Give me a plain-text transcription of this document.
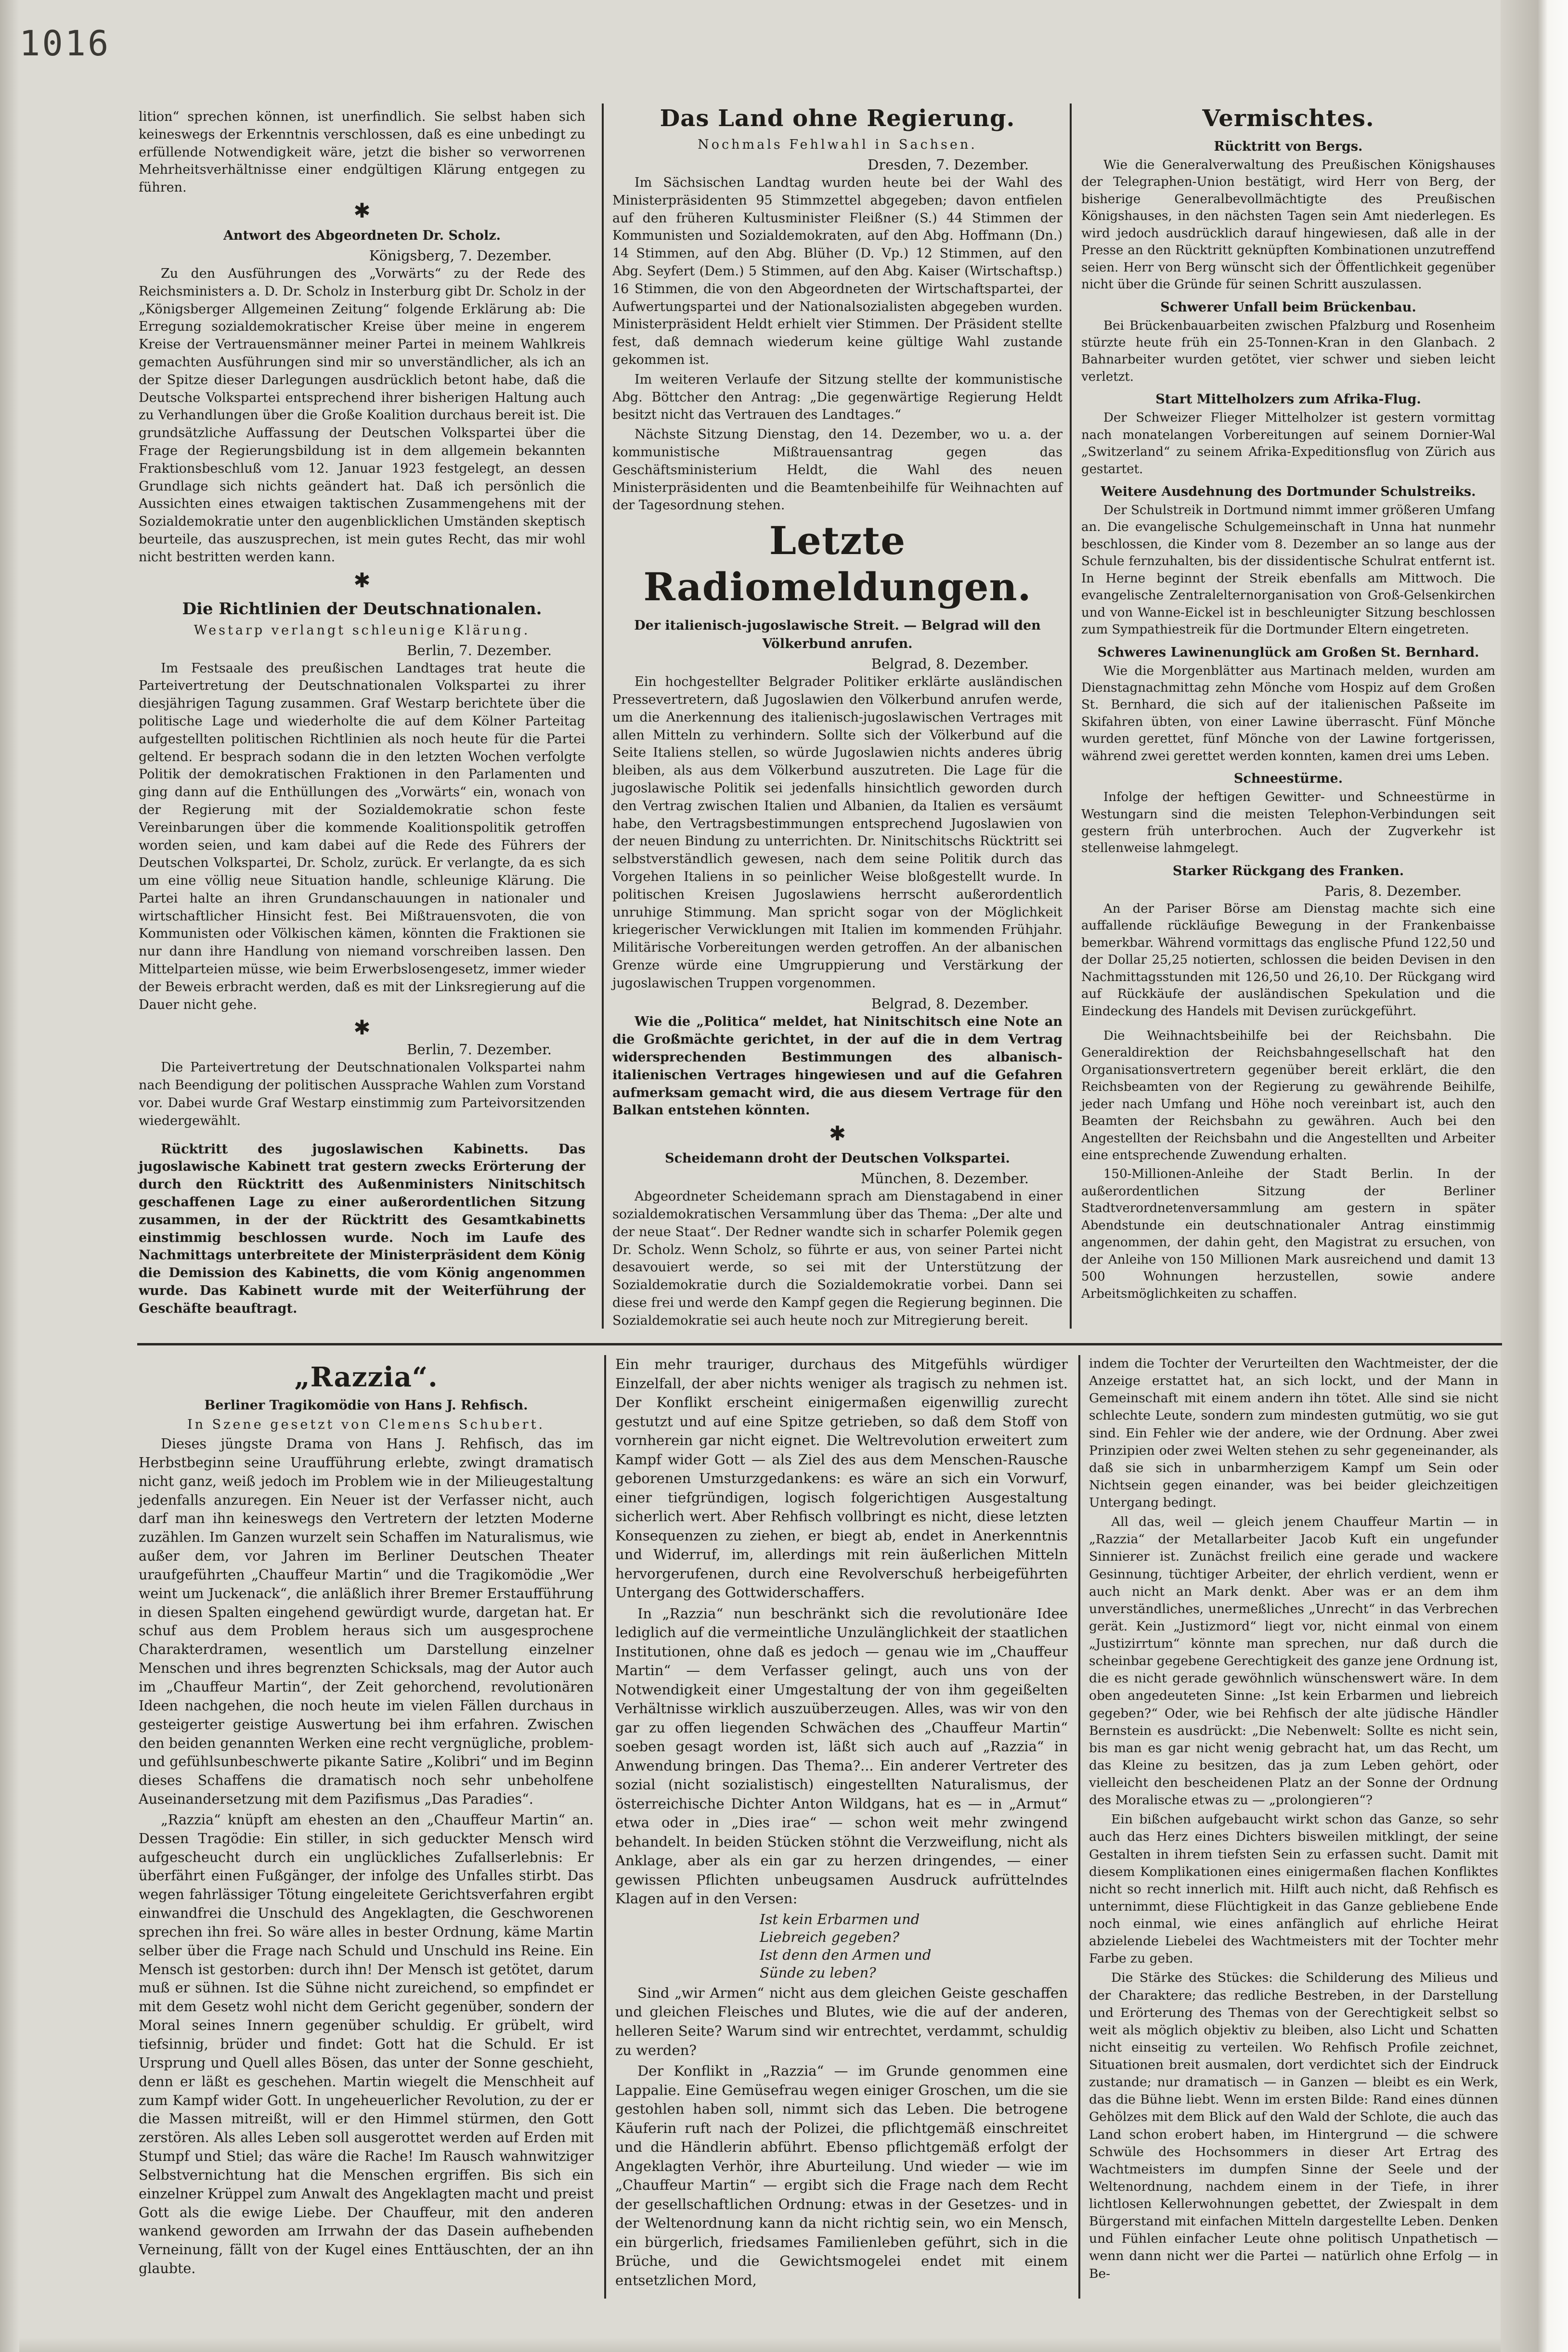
1016

lition“ sprechen können, ist unerfindlich. Sie selbst haben sich keineswegs der Erkenntnis verschlossen, daß es eine unbedingt zu erfüllende Notwendigkeit wäre, jetzt die bisher so verworrenen Mehrheitsverhältnisse einer endgültigen Klärung entgegen zu führen.

✱
Antwort des Abgeordneten Dr. Scholz.
Königsberg, 7. Dezember.

Zu den Ausführungen des „Vorwärts“ zu der Rede des Reichsministers a. D. Dr. Scholz in Insterburg gibt Dr. Scholz in der „Königsberger Allgemeinen Zeitung“ folgende Erklärung ab: Die Erregung sozialdemokratischer Kreise über meine in engerem Kreise der Vertrauensmänner meiner Partei in meinem Wahlkreis gemachten Ausführungen sind mir so unverständlicher, als ich an der Spitze dieser Darlegungen ausdrücklich betont habe, daß die Deutsche Volkspartei entsprechend ihrer bisherigen Haltung auch zu Verhandlungen über die Große Koalition durchaus bereit ist. Die grundsätzliche Auffassung der Deutschen Volkspartei über die Frage der Regierungsbildung ist in dem allgemein bekannten Fraktionsbeschluß vom 12. Januar 1923 festgelegt, an dessen Grundlage sich nichts geändert hat. Daß ich persönlich die Aussichten eines etwaigen taktischen Zusammengehens mit der Sozialdemokratie unter den augenblicklichen Umständen skeptisch beurteile, das auszusprechen, ist mein gutes Recht, das mir wohl nicht bestritten werden kann.

✱
Die Richtlinien der Deutschnationalen.
Westarp verlangt schleunige Klärung.
Berlin, 7. Dezember.

Im Festsaale des preußischen Landtages trat heute die Parteivertretung der Deutschnationalen Volkspartei zu ihrer diesjährigen Tagung zusammen. Graf Westarp berichtete über die politische Lage und wiederholte die auf dem Kölner Parteitag aufgestellten politischen Richtlinien als noch heute für die Partei geltend. Er besprach sodann die in den letzten Wochen verfolgte Politik der demokratischen Fraktionen in den Parlamenten und ging dann auf die Enthüllungen des „Vorwärts“ ein, wonach von der Regierung mit der Sozialdemokratie schon feste Vereinbarungen über die kommende Koalitionspolitik getroffen worden seien, und kam dabei auf die Rede des Führers der Deutschen Volkspartei, Dr. Scholz, zurück. Er verlangte, da es sich um eine völlig neue Situation handle, schleunige Klärung. Die Partei halte an ihren Grundanschauungen in nationaler und wirtschaftlicher Hinsicht fest. Bei Mißtrauensvoten, die von Kommunisten oder Völkischen kämen, könnten die Fraktionen sie nur dann ihre Handlung von niemand vorschreiben lassen. Den Mittelparteien müsse, wie beim Erwerbslosengesetz, immer wieder der Beweis erbracht werden, daß es mit der Linksregierung auf die Dauer nicht gehe.

✱
Berlin, 7. Dezember.

Die Parteivertretung der Deutschnationalen Volkspartei nahm nach Beendigung der politischen Aussprache Wahlen zum Vorstand vor. Dabei wurde Graf Westarp einstimmig zum Parteivorsitzenden wiedergewählt.

Rücktritt des jugoslawischen Kabinetts. Das jugoslawische Kabinett trat gestern zwecks Erörterung der durch den Rücktritt des Außenministers Ninitschitsch geschaffenen Lage zu einer außerordentlichen Sitzung zusammen, in der der Rücktritt des Gesamtkabinetts einstimmig beschlossen wurde. Noch im Laufe des Nachmittags unterbreitete der Ministerpräsident dem König die Demission des Kabinetts, die vom König angenommen wurde. Das Kabinett wurde mit der Weiterführung der Geschäfte beauftragt.

Das Land ohne Regierung.
Nochmals Fehlwahl in Sachsen.
Dresden, 7. Dezember.

Im Sächsischen Landtag wurden heute bei der Wahl des Ministerpräsidenten 95 Stimmzettel abgegeben; davon entfielen auf den früheren Kultusminister Fleißner (S.) 44 Stimmen der Kommunisten und Sozialdemokraten, auf den Abg. Hoffmann (Dn.) 14 Stimmen, auf den Abg. Blüher (D. Vp.) 12 Stimmen, auf den Abg. Seyfert (Dem.) 5 Stimmen, auf den Abg. Kaiser (Wirtschaftsp.) 16 Stimmen, die von den Abgeordneten der Wirtschaftspartei, der Aufwertungspartei und der Nationalsozialisten abgegeben wurden. Ministerpräsident Heldt erhielt vier Stimmen. Der Präsident stellte fest, daß demnach wiederum keine gültige Wahl zustande gekommen ist.

Im weiteren Verlaufe der Sitzung stellte der kommunistische Abg. Böttcher den Antrag: „Die gegenwärtige Regierung Heldt besitzt nicht das Vertrauen des Landtages.“

Nächste Sitzung Dienstag, den 14. Dezember, wo u. a. der kommunistische Mißtrauensantrag gegen das Geschäftsministerium Heldt, die Wahl des neuen Ministerpräsidenten und die Beamtenbeihilfe für Weihnachten auf der Tagesordnung stehen.

Letzte Radiomeldungen.
Der italienisch-jugoslawische Streit. — Belgrad will den Völkerbund anrufen.
Belgrad, 8. Dezember.

Ein hochgestellter Belgrader Politiker erklärte ausländischen Pressevertretern, daß Jugoslawien den Völkerbund anrufen werde, um die Anerkennung des italienisch-jugoslawischen Vertrages mit allen Mitteln zu verhindern. Sollte sich der Völkerbund auf die Seite Italiens stellen, so würde Jugoslawien nichts anderes übrig bleiben, als aus dem Völkerbund auszutreten. Die Lage für die jugoslawische Politik sei jedenfalls hinsichtlich geworden durch den Vertrag zwischen Italien und Albanien, da Italien es versäumt habe, den Vertragsbestimmungen entsprechend Jugoslawien von der neuen Bindung zu unterrichten. Dr. Ninitschitschs Rücktritt sei selbstverständlich gewesen, nach dem seine Politik durch das Vorgehen Italiens in so peinlicher Weise bloßgestellt wurde. In politischen Kreisen Jugoslawiens herrscht außerordentlich unruhige Stimmung. Man spricht sogar von der Möglichkeit kriegerischer Verwicklungen mit Italien im kommenden Frühjahr. Militärische Vorbereitungen werden getroffen. An der albanischen Grenze würde eine Umgruppierung und Verstärkung der jugoslawischen Truppen vorgenommen.

Belgrad, 8. Dezember.

Wie die „Politica“ meldet, hat Ninitschitsch eine Note an die Großmächte gerichtet, in der auf die in dem Vertrag widersprechenden Bestimmungen des albanisch-italienischen Vertrages hingewiesen und auf die Gefahren aufmerksam gemacht wird, die aus diesem Vertrage für den Balkan entstehen könnten.

✱
Scheidemann droht der Deutschen Volkspartei.
München, 8. Dezember.

Abgeordneter Scheidemann sprach am Dienstagabend in einer sozialdemokratischen Versammlung über das Thema: „Der alte und der neue Staat“. Der Redner wandte sich in scharfer Polemik gegen Dr. Scholz. Wenn Scholz, so führte er aus, von seiner Partei nicht desavouiert werde, so sei mit der Unterstützung der Sozialdemokratie durch die Sozialdemokratie vorbei. Dann sei diese frei und werde den Kampf gegen die Regierung beginnen. Die Sozialdemokratie sei auch heute noch zur Mitregierung bereit.

Vermischtes.
Rücktritt von Bergs.

Wie die Generalverwaltung des Preußischen Königshauses der Telegraphen-Union bestätigt, wird Herr von Berg, der bisherige Generalbevollmächtigte des Preußischen Königshauses, in den nächsten Tagen sein Amt niederlegen. Es wird jedoch ausdrücklich darauf hingewiesen, daß alle in der Presse an den Rücktritt geknüpften Kombinationen unzutreffend seien. Herr von Berg wünscht sich der Öffentlichkeit gegenüber nicht über die Gründe für seinen Schritt auszulassen.

Schwerer Unfall beim Brückenbau.

Bei Brückenbauarbeiten zwischen Pfalzburg und Rosenheim stürzte heute früh ein 25-Tonnen-Kran in den Glanbach. 2 Bahnarbeiter wurden getötet, vier schwer und sieben leicht verletzt.

Start Mittelholzers zum Afrika-Flug.

Der Schweizer Flieger Mittelholzer ist gestern vormittag nach monatelangen Vorbereitungen auf seinem Dornier-Wal „Switzerland“ zu seinem Afrika-Expeditionsflug von Zürich aus gestartet.

Weitere Ausdehnung des Dortmunder Schulstreiks.

Der Schulstreik in Dortmund nimmt immer größeren Umfang an. Die evangelische Schulgemeinschaft in Unna hat nunmehr beschlossen, die Kinder vom 8. Dezember an so lange aus der Schule fernzuhalten, bis der dissidentische Schulrat entfernt ist. In Herne beginnt der Streik ebenfalls am Mittwoch. Die evangelische Zentralelternorganisation von Groß-Gelsenkirchen und von Wanne-Eickel ist in beschleunigter Sitzung beschlossen zum Sympathiestreik für die Dortmunder Eltern eingetreten.

Schweres Lawinenunglück am Großen St. Bernhard.

Wie die Morgenblätter aus Martinach melden, wurden am Dienstagnachmittag zehn Mönche vom Hospiz auf dem Großen St. Bernhard, die sich auf der italienischen Paßseite im Skifahren übten, von einer Lawine überrascht. Fünf Mönche wurden gerettet, fünf Mönche von der Lawine fortgerissen, während zwei gerettet werden konnten, kamen drei ums Leben.

Schneestürme.

Infolge der heftigen Gewitter- und Schneestürme in Westungarn sind die meisten Telephon-Verbindungen seit gestern früh unterbrochen. Auch der Zugverkehr ist stellenweise lahmgelegt.

Starker Rückgang des Franken.
Paris, 8. Dezember.

An der Pariser Börse am Dienstag machte sich eine auffallende rückläufige Bewegung in der Frankenbaisse bemerkbar. Während vormittags das englische Pfund 122,50 und der Dollar 25,25 notierten, schlossen die beiden Devisen in den Nachmittagsstunden mit 126,50 und 26,10. Der Rückgang wird auf Rückkäufe der ausländischen Spekulation und die Eindeckung des Handels mit Devisen zurückgeführt.

Die Weihnachtsbeihilfe bei der Reichsbahn. Die Generaldirektion der Reichsbahngesellschaft hat den Organisationsvertretern gegenüber bereit erklärt, die den Reichsbeamten von der Regierung zu gewährende Beihilfe, jeder nach Umfang und Höhe noch vereinbart ist, auch den Beamten der Reichsbahn zu gewähren. Auch bei den Angestellten der Reichsbahn und die Angestellten und Arbeiter eine entsprechende Zuwendung erhalten.

150-Millionen-Anleihe der Stadt Berlin. In der außerordentlichen Sitzung der Berliner Stadtverordnetenversammlung am gestern in später Abendstunde ein deutschnationaler Antrag einstimmig angenommen, der dahin geht, den Magistrat zu ersuchen, von der Anleihe von 150 Millionen Mark ausreichend und damit 13 500 Wohnungen herzustellen, sowie andere Arbeitsmöglichkeiten zu schaffen.

„Razzia“.
Berliner Tragikomödie von Hans J. Rehfisch.
In Szene gesetzt von Clemens Schubert.

Dieses jüngste Drama von Hans J. Rehfisch, das im Herbstbeginn seine Uraufführung erlebte, zwingt dramatisch nicht ganz, weiß jedoch im Problem wie in der Milieugestaltung jedenfalls anzuregen. Ein Neuer ist der Verfasser nicht, auch darf man ihn keineswegs den Vertretern der letzten Moderne zuzählen. Im Ganzen wurzelt sein Schaffen im Naturalismus, wie außer dem, vor Jahren im Berliner Deutschen Theater uraufgeführten „Chauffeur Martin“ und die Tragikomödie „Wer weint um Juckenack“, die anläßlich ihrer Bremer Erstaufführung in diesen Spalten eingehend gewürdigt wurde, dargetan hat. Er schuf aus dem Problem heraus sich um ausgesprochene Charakterdramen, wesentlich um Darstellung einzelner Menschen und ihres begrenzten Schicksals, mag der Autor auch im „Chauffeur Martin“, der Zeit gehorchend, revolutionären Ideen nachgehen, die noch heute im vielen Fällen durchaus in gesteigerter geistige Auswertung bei ihm erfahren. Zwischen den beiden genannten Werken eine recht vergnügliche, problem- und gefühlsunbeschwerte pikante Satire „Kolibri“ und im Beginn dieses Schaffens die dramatisch noch sehr unbeholfene Auseinandersetzung mit dem Pazifismus „Das Paradies“.

„Razzia“ knüpft am ehesten an den „Chauffeur Martin“ an. Dessen Tragödie: Ein stiller, in sich geduckter Mensch wird aufgescheucht durch ein unglückliches Zufallserlebnis: Er überfährt einen Fußgänger, der infolge des Unfalles stirbt. Das wegen fahrlässiger Tötung eingeleitete Gerichtsverfahren ergibt einwandfrei die Unschuld des Angeklagten, die Geschworenen sprechen ihn frei. So wäre alles in bester Ordnung, käme Martin selber über die Frage nach Schuld und Unschuld ins Reine. Ein Mensch ist gestorben: durch ihn! Der Mensch ist getötet, darum muß er sühnen. Ist die Sühne nicht zureichend, so empfindet er mit dem Gesetz wohl nicht dem Gericht gegenüber, sondern der Moral seines Innern gegenüber schuldig. Er grübelt, wird tiefsinnig, brüder und findet: Gott hat die Schuld. Er ist Ursprung und Quell alles Bösen, das unter der Sonne geschieht, denn er läßt es geschehen. Martin wiegelt die Menschheit auf zum Kampf wider Gott. In ungeheuerlicher Revolution, zu der er die Massen mitreißt, will er den Himmel stürmen, den Gott zerstören. Als alles Leben soll ausgerottet werden auf Erden mit Stumpf und Stiel; das wäre die Rache! Im Rausch wahnwitziger Selbstvernichtung hat die Menschen ergriffen. Bis sich ein einzelner Krüppel zum Anwalt des Angeklagten macht und preist Gott als die ewige Liebe. Der Chauffeur, mit den anderen wankend geworden am Irrwahn der das Dasein aufhebenden Verneinung, fällt von der Kugel eines Enttäuschten, der an ihn glaubte.

Ein mehr trauriger, durchaus des Mitgefühls würdiger Einzelfall, der aber nichts weniger als tragisch zu nehmen ist. Der Konflikt erscheint einigermaßen eigenwillig zurecht gestutzt und auf eine Spitze getrieben, so daß dem Stoff von vornherein gar nicht eignet. Die Weltrevolution erweitert zum Kampf wider Gott — als Ziel des aus dem Menschen-Rausche geborenen Umsturzgedankens: es wäre an sich ein Vorwurf, einer tiefgründigen, logisch folgerichtigen Ausgestaltung sicherlich wert. Aber Rehfisch vollbringt es nicht, diese letzten Konsequenzen zu ziehen, er biegt ab, endet in Anerkenntnis und Widerruf, im, allerdings mit rein äußerlichen Mitteln hervorgerufenen, durch eine Revolverschuß herbeigeführten Untergang des Gottwiderschaffers.

In „Razzia“ nun beschränkt sich die revolutionäre Idee lediglich auf die vermeintliche Unzulänglichkeit der staatlichen Institutionen, ohne daß es jedoch — genau wie im „Chauffeur Martin“ — dem Verfasser gelingt, auch uns von der Notwendigkeit einer Umgestaltung der von ihm gegeißelten Verhältnisse wirklich auszuüberzeugen. Alles, was wir von den gar zu offen liegenden Schwächen des „Chauffeur Martin“ soeben gesagt worden ist, läßt sich auch auf „Razzia“ in Anwendung bringen. Das Thema?... Ein anderer Vertreter des sozial (nicht sozialistisch) eingestellten Naturalismus, der österreichische Dichter Anton Wildgans, hat es — in „Armut“ etwa oder in „Dies irae“ — schon weit mehr zwingend behandelt. In beiden Stücken stöhnt die Verzweiflung, nicht als Anklage, aber als ein gar zu herzen dringendes, — einer gewissen Pflichten unbeugsamen Ausdruck aufrüttelndes Klagen auf in den Versen:

Ist kein Erbarmen und
Liebreich gegeben?
Ist denn den Armen und
Sünde zu leben?

Sind „wir Armen“ nicht aus dem gleichen Geiste geschaffen und gleichen Fleisches und Blutes, wie die auf der anderen, helleren Seite? Warum sind wir entrechtet, verdammt, schuldig zu werden?

Der Konflikt in „Razzia“ — im Grunde genommen eine Lappalie. Eine Gemüsefrau wegen einiger Groschen, um die sie gestohlen haben soll, nimmt sich das Leben. Die betrogene Käuferin ruft nach der Polizei, die pflichtgemäß einschreitet und die Händlerin abführt. Ebenso pflichtgemäß erfolgt der Angeklagten Verhör, ihre Aburteilung. Und wieder — wie im „Chauffeur Martin“ — ergibt sich die Frage nach dem Recht der gesellschaftlichen Ordnung: etwas in der Gesetzes- und in der Weltenordnung kann da nicht richtig sein, wo ein Mensch, ein bürgerlich, friedsames Familienleben geführt, sich in die Brüche, und die Gewichtsmogelei endet mit einem entsetzlichen Mord,

indem die Tochter der Verurteilten den Wachtmeister, der die Anzeige erstattet hat, an sich lockt, und der Mann in Gemeinschaft mit einem andern ihn tötet. Alle sind sie nicht schlechte Leute, sondern zum mindesten gutmütig, wo sie gut sind. Ein Fehler wie der andere, wie der Ordnung. Aber zwei Prinzipien oder zwei Welten stehen zu sehr gegeneinander, als daß sie sich in unbarmherzigem Kampf um Sein oder Nichtsein gegen einander, was bei beider gleichzeitigen Untergang bedingt.

All das, weil — gleich jenem Chauffeur Martin — in „Razzia“ der Metallarbeiter Jacob Kuft ein ungefunder Sinnierer ist. Zunächst freilich eine gerade und wackere Gesinnung, tüchtiger Arbeiter, der ehrlich verdient, wenn er auch nicht an Mark denkt. Aber was er an dem ihm unverständliches, unermeßliches „Unrecht“ in das Verbrechen gerät. Kein „Justizmord“ liegt vor, nicht einmal von einem „Justizirrtum“ könnte man sprechen, nur daß durch die scheinbar gegebene Gerechtigkeit des ganze jene Ordnung ist, die es nicht gerade gewöhnlich wünschenswert wäre. In dem oben angedeuteten Sinne: „Ist kein Erbarmen und liebreich gegeben?“ Oder, wie bei Rehfisch der alte jüdische Händler Bernstein es ausdrückt: „Die Nebenwelt: Sollte es nicht sein, bis man es gar nicht wenig gebracht hat, um das Recht, um das Kleine zu besitzen, das ja zum Leben gehört, oder vielleicht den bescheidenen Platz an der Sonne der Ordnung des Moralische etwas zu — „prolongieren“?

Ein bißchen aufgebaucht wirkt schon das Ganze, so sehr auch das Herz eines Dichters bisweilen mitklingt, der seine Gestalten in ihrem tiefsten Sein zu erfassen sucht. Damit mit diesem Komplikationen eines einigermaßen flachen Konfliktes nicht so recht innerlich mit. Hilft auch nicht, daß Rehfisch es unternimmt, diese Flüchtigkeit in das Ganze gebliebene Ende noch einmal, wie eines anfänglich auf ehrliche Heirat abzielende Liebelei des Wachtmeisters mit der Tochter mehr Farbe zu geben.

Die Stärke des Stückes: die Schilderung des Milieus und der Charaktere; das redliche Bestreben, in der Darstellung und Erörterung des Themas von der Gerechtigkeit selbst so weit als möglich objektiv zu bleiben, also Licht und Schatten nicht einseitig zu verteilen. Wo Rehfisch Profile zeichnet, Situationen breit ausmalen, dort verdichtet sich der Eindruck zustande; nur dramatisch — in Ganzen — bleibt es ein Werk, das die Bühne liebt. Wenn im ersten Bilde: Rand eines dünnen Gehölzes mit dem Blick auf den Wald der Schlote, die auch das Land schon erobert haben, im Hintergrund — die schwere Schwüle des Hochsommers in dieser Art Ertrag des Wachtmeisters im dumpfen Sinne der Seele und der Weltenordnung, nachdem einem in der Tiefe, in ihrer lichtlosen Kellerwohnungen gebettet, der Zwiespalt in dem Bürgerstand mit einfachen Mitteln dargestellte Leben. Denken und Fühlen einfacher Leute ohne politisch Unpathetisch — wenn dann nicht wer die Partei — natürlich ohne Erfolg — in Be-
